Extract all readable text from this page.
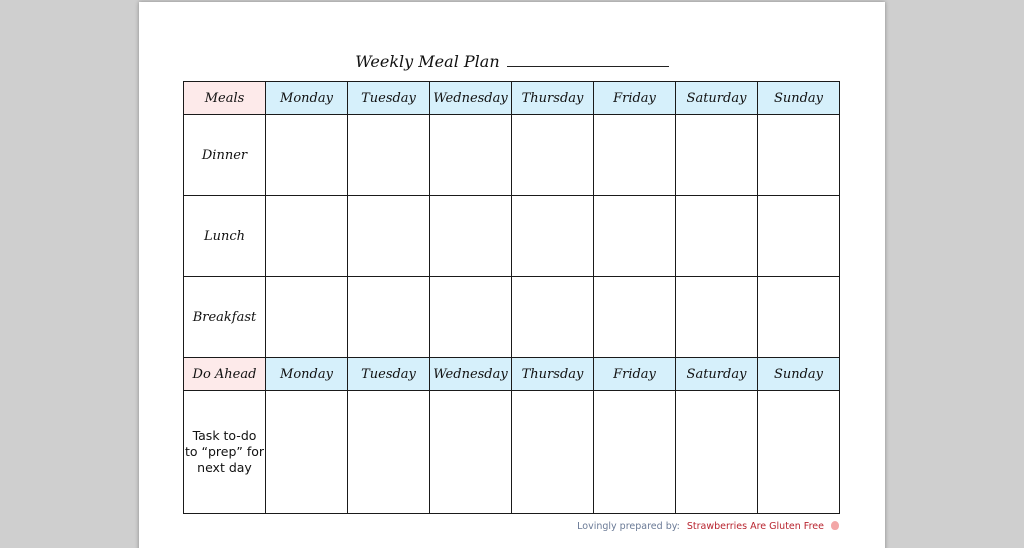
Weekly Meal Plan
Meals	Monday	Tuesday	Wednesday	Thursday	Friday	Saturday	Sunday
Dinner							
Lunch							
Breakfast							
Do Ahead	Monday	Tuesday	Wednesday	Thursday	Friday	Saturday	Sunday

Task to-do
to “prep” for
next day							

Lovingly prepared by: Strawberries Are Gluten Free
